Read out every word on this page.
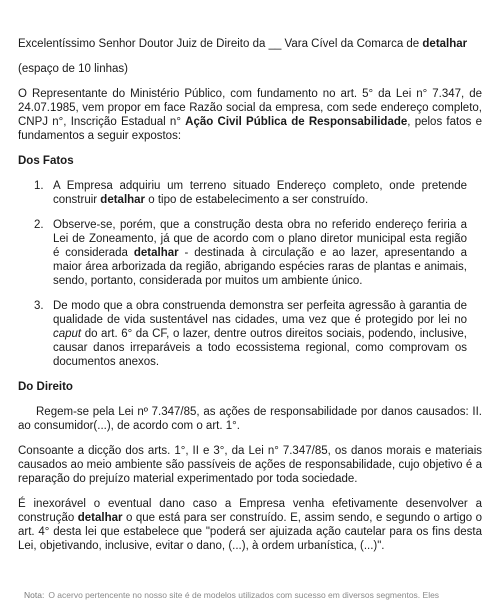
Excelentíssimo Senhor Doutor Juiz de Direito da __ Vara Cível da Comarca de detalhar

(espaço de 10 linhas)

O Representante do Ministério Público, com fundamento no art. 5° da Lei n° 7.347, de 24.07.1985, vem propor em face Razão social da empresa, com sede endereço completo, CNPJ n°, Inscrição Estadual n° Ação Civil Pública de Responsabilidade, pelos fatos e fundamentos a seguir expostos:

Dos Fatos

1. A Empresa adquiriu um terreno situado Endereço completo, onde pretende construir detalhar o tipo de estabelecimento a ser construído.
2. Observe-se, porém, que a construção desta obra no referido endereço feriria a Lei de Zoneamento, já que de acordo com o plano diretor municipal esta região é considerada detalhar - destinada à circulação e ao lazer, apresentando a maior área arborizada da região, abrigando espécies raras de plantas e animais, sendo, portanto, considerada por muitos um ambiente único.
3. De modo que a obra construenda demonstra ser perfeita agressão à garantia de qualidade de vida sustentável nas cidades, uma vez que é protegido por lei no caput do art. 6° da CF, o lazer, dentre outros direitos sociais, podendo, inclusive, causar danos irreparáveis a todo ecossistema regional, como comprovam os documentos anexos.

Do Direito

Regem-se pela Lei nº 7.347/85, as ações de responsabilidade por danos causados: II. ao consumidor(...), de acordo com o art. 1°.

Consoante a dicção dos arts. 1°, II e 3°, da Lei n° 7.347/85, os danos morais e materiais causados ao meio ambiente são passíveis de ações de responsabilidade, cujo objetivo é a reparação do prejuízo material experimentado por toda sociedade.

É inexorável o eventual dano caso a Empresa venha efetivamente desenvolver a construção detalhar o que está para ser construído. E, assim sendo, e segundo o artigo o art. 4° desta lei que estabelece que "poderá ser ajuizada ação cautelar para os fins desta Lei, objetivando, inclusive, evitar o dano, (...), à ordem urbanística, (...)".

Nota: O acervo pertencente no nosso site é de modelos utilizados com sucesso em diversos segmentos. Eles
